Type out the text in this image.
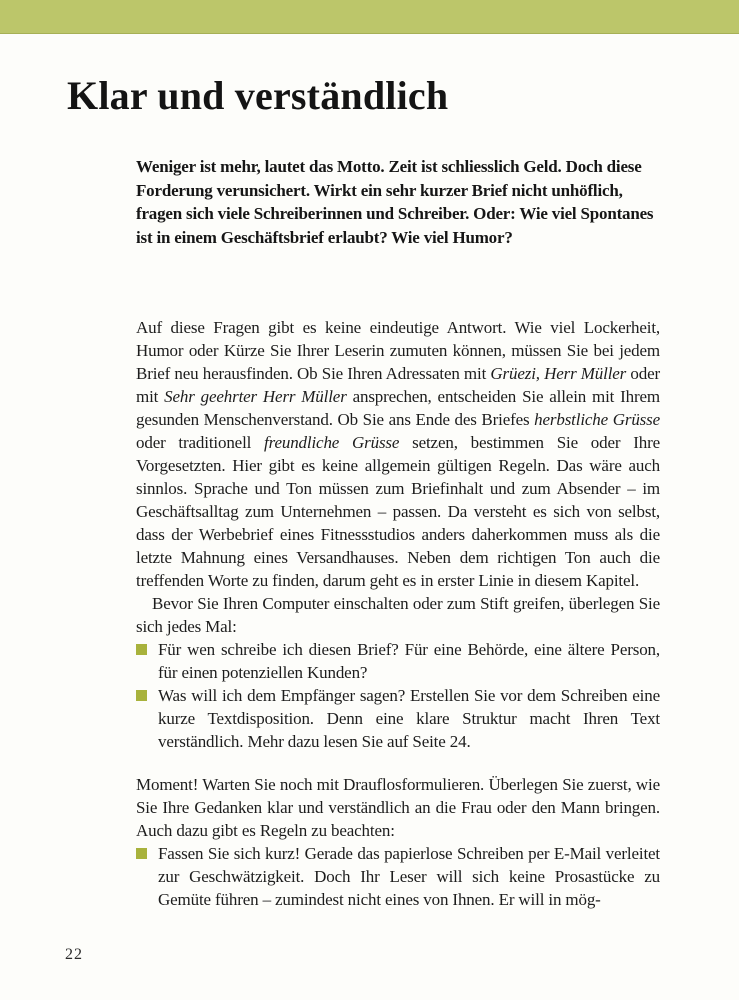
Klar und verständlich

Weniger ist mehr, lautet das Motto. Zeit ist schliesslich Geld. Doch diese Forderung verunsichert. Wirkt ein sehr kurzer Brief nicht unhöflich, fragen sich viele Schreiberinnen und Schreiber. Oder: Wie viel Spontanes ist in einem Geschäftsbrief erlaubt? Wie viel Humor?

Auf diese Fragen gibt es keine eindeutige Antwort. Wie viel Lockerheit, Humor oder Kürze Sie Ihrer Leserin zumuten können, müssen Sie bei jedem Brief neu herausfinden. Ob Sie Ihren Adressaten mit Grüezi, Herr Müller oder mit Sehr geehrter Herr Müller ansprechen, entscheiden Sie allein mit Ihrem gesunden Menschenverstand. Ob Sie ans Ende des Briefes herbstliche Grüsse oder traditionell freundliche Grüsse setzen, bestimmen Sie oder Ihre Vorgesetzten. Hier gibt es keine allgemein gültigen Regeln. Das wäre auch sinnlos. Sprache und Ton müssen zum Briefinhalt und zum Absender – im Geschäftsalltag zum Unternehmen – passen. Da versteht es sich von selbst, dass der Werbebrief eines Fitnessstudios anders daherkommen muss als die letzte Mahnung eines Versandhauses. Neben dem richtigen Ton auch die treffenden Worte zu finden, darum geht es in erster Linie in diesem Kapitel.

Bevor Sie Ihren Computer einschalten oder zum Stift greifen, überlegen Sie sich jedes Mal:

Für wen schreibe ich diesen Brief? Für eine Behörde, eine ältere Person, für einen potenziellen Kunden?
Was will ich dem Empfänger sagen? Erstellen Sie vor dem Schreiben eine kurze Textdisposition. Denn eine klare Struktur macht Ihren Text verständlich. Mehr dazu lesen Sie auf Seite 24.

Moment! Warten Sie noch mit Drauflosformulieren. Überlegen Sie zuerst, wie Sie Ihre Gedanken klar und verständlich an die Frau oder den Mann bringen. Auch dazu gibt es Regeln zu beachten:

Fassen Sie sich kurz! Gerade das papierlose Schreiben per E-Mail verleitet zur Geschwätzigkeit. Doch Ihr Leser will sich keine Prosastücke zu Gemüte führen – zumindest nicht eines von Ihnen. Er will in mög-
22
